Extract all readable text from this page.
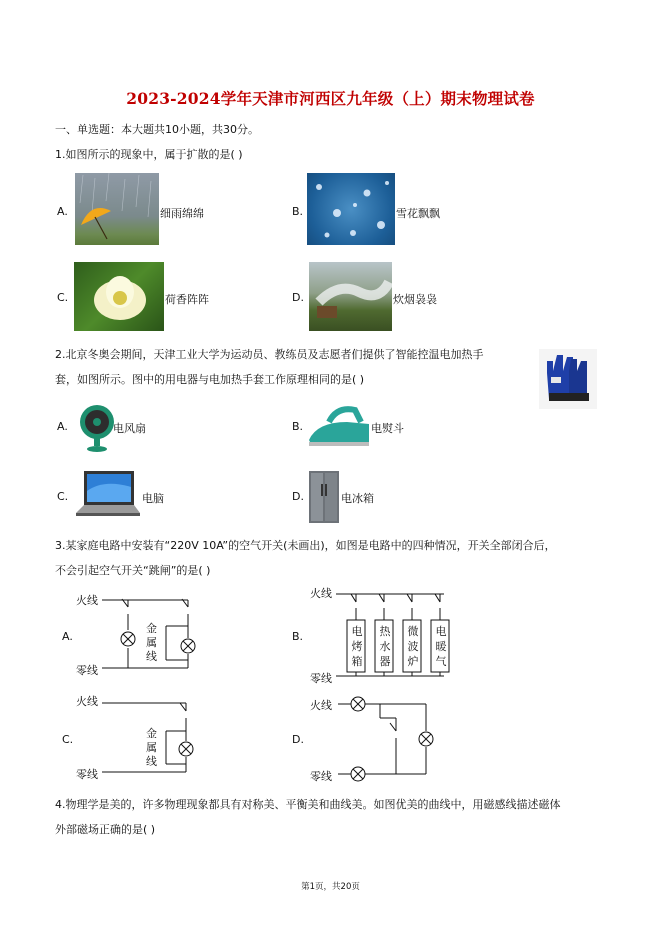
2023-2024学年天津市河西区九年级（上）期末物理试卷
一、单选题：本大题共10小题，共30分。
1.如图所示的现象中，属于扩散的是( )
A.	细雨绵绵	B.	雪花飘飘
C.	荷香阵阵	D.	炊烟袅袅
2.北京冬奥会期间，天津工业大学为运动员、教练员及志愿者们提供了智能控温电加热手
套，如图所示。图中的用电器与电加热手套工作原理相同的是( )
A.	电风扇	B.	电熨斗
C.	电脑	D.	电冰箱
3.某家庭电路中安装有“220V 10A”的空气开关(未画出)，如图是电路中的四种情况，开关全部闭合后，
不会引起空气开关“跳闸”的是( )
A.
火线
零线
金
属
线
B.
火线
零线
电
烤
箱
热
水
器
微
波
炉
电
暖
气
C.
火线
零线
金
属
线
D.
火线
零线
4.物理学是美的，许多物理现象都具有对称美、平衡美和曲线美。如图优美的曲线中，用磁感线描述磁体
外部磁场正确的是( )
第1页，共20页
